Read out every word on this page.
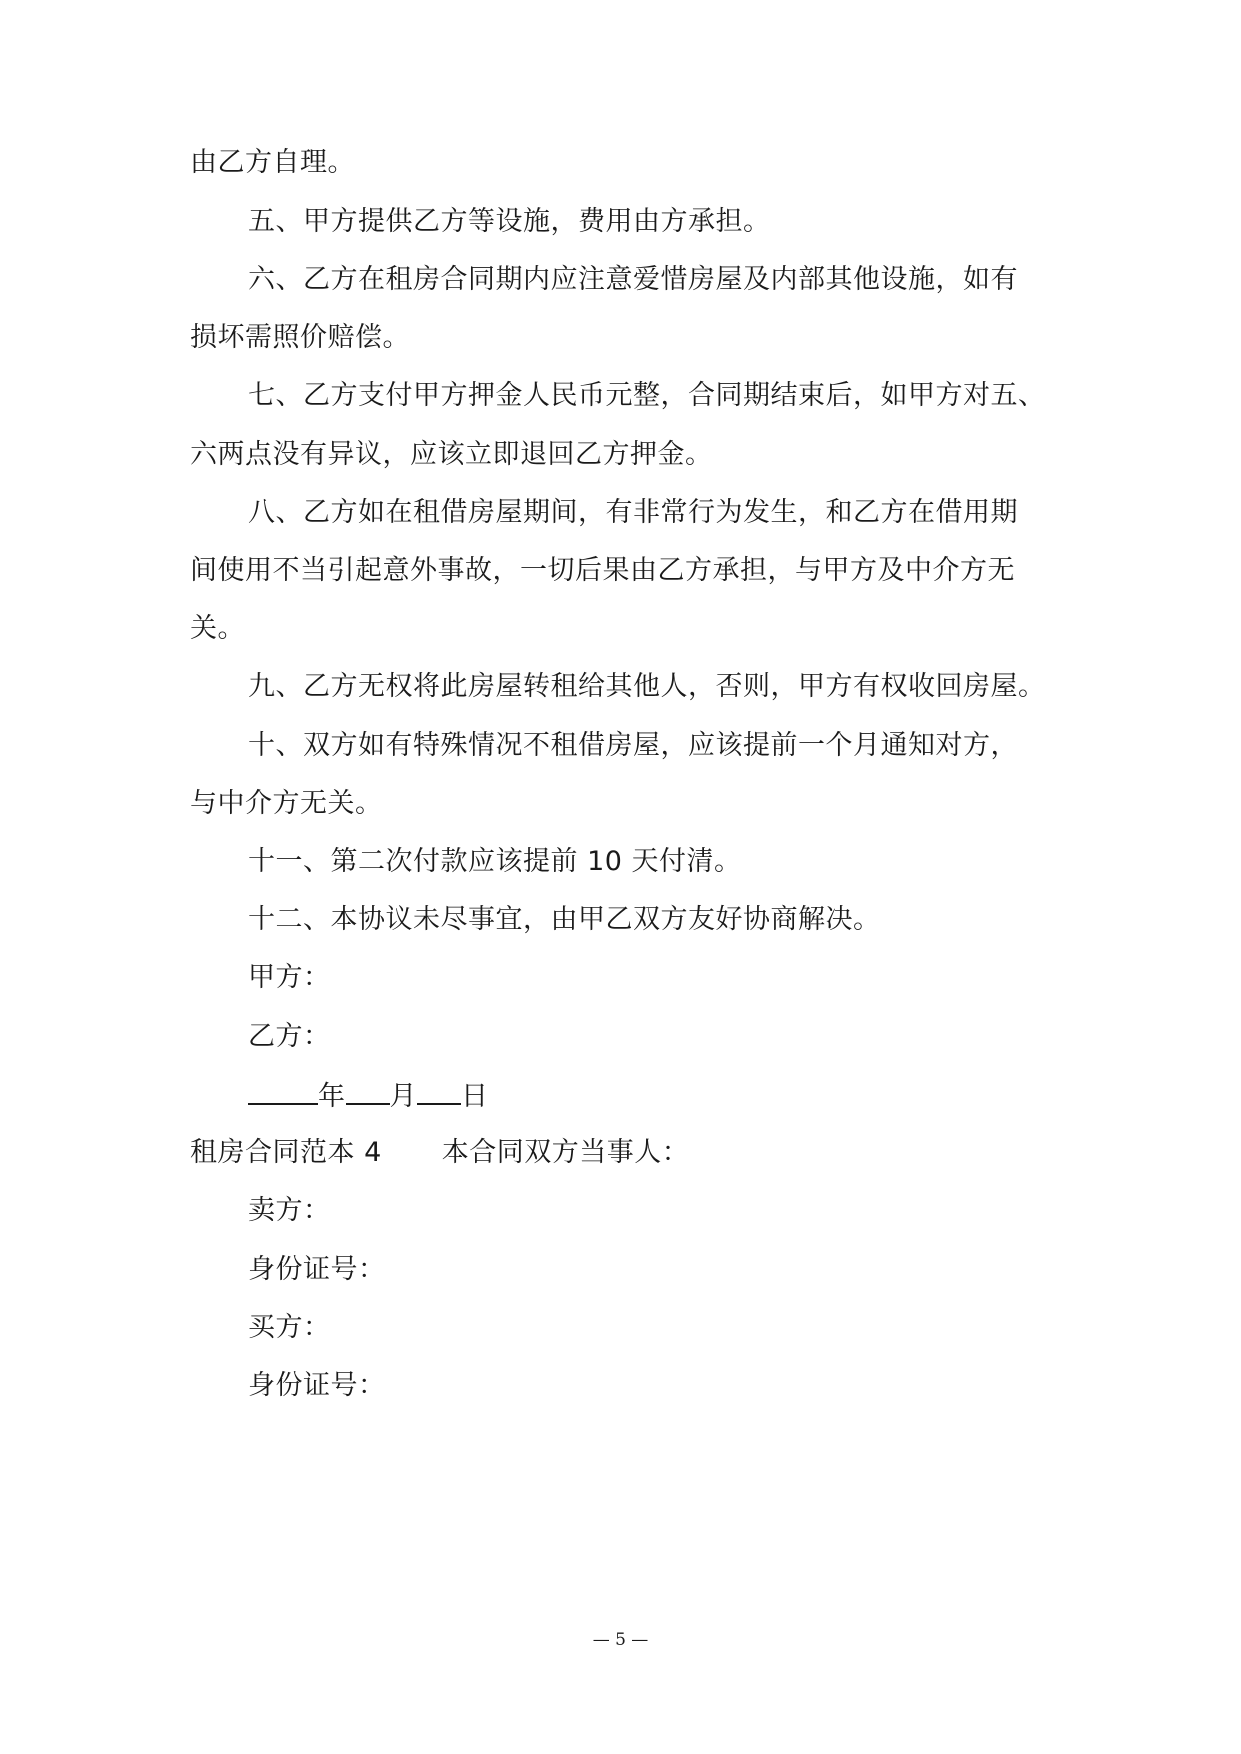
由乙方自理。
五、甲方提供乙方等设施，费用由方承担。
六、乙方在租房合同期内应注意爱惜房屋及内部其他设施，如有
损坏需照价赔偿。
七、乙方支付甲方押金人民币元整，合同期结束后，如甲方对五、
六两点没有异议，应该立即退回乙方押金。
八、乙方如在租借房屋期间，有非常行为发生，和乙方在借用期
间使用不当引起意外事故，一切后果由乙方承担，与甲方及中介方无
关。
九、乙方无权将此房屋转租给其他人，否则，甲方有权收回房屋。
十、双方如有特殊情况不租借房屋，应该提前一个月通知对方，
与中介方无关。
十一、第二次付款应该提前 10 天付清。
十二、本协议未尽事宜，由甲乙双方友好协商解决。
甲方：
乙方：
年 月 日
租房合同范本 4 本合同双方当事人：
卖方：
身份证号：
买方：
身份证号：
— 5 —
